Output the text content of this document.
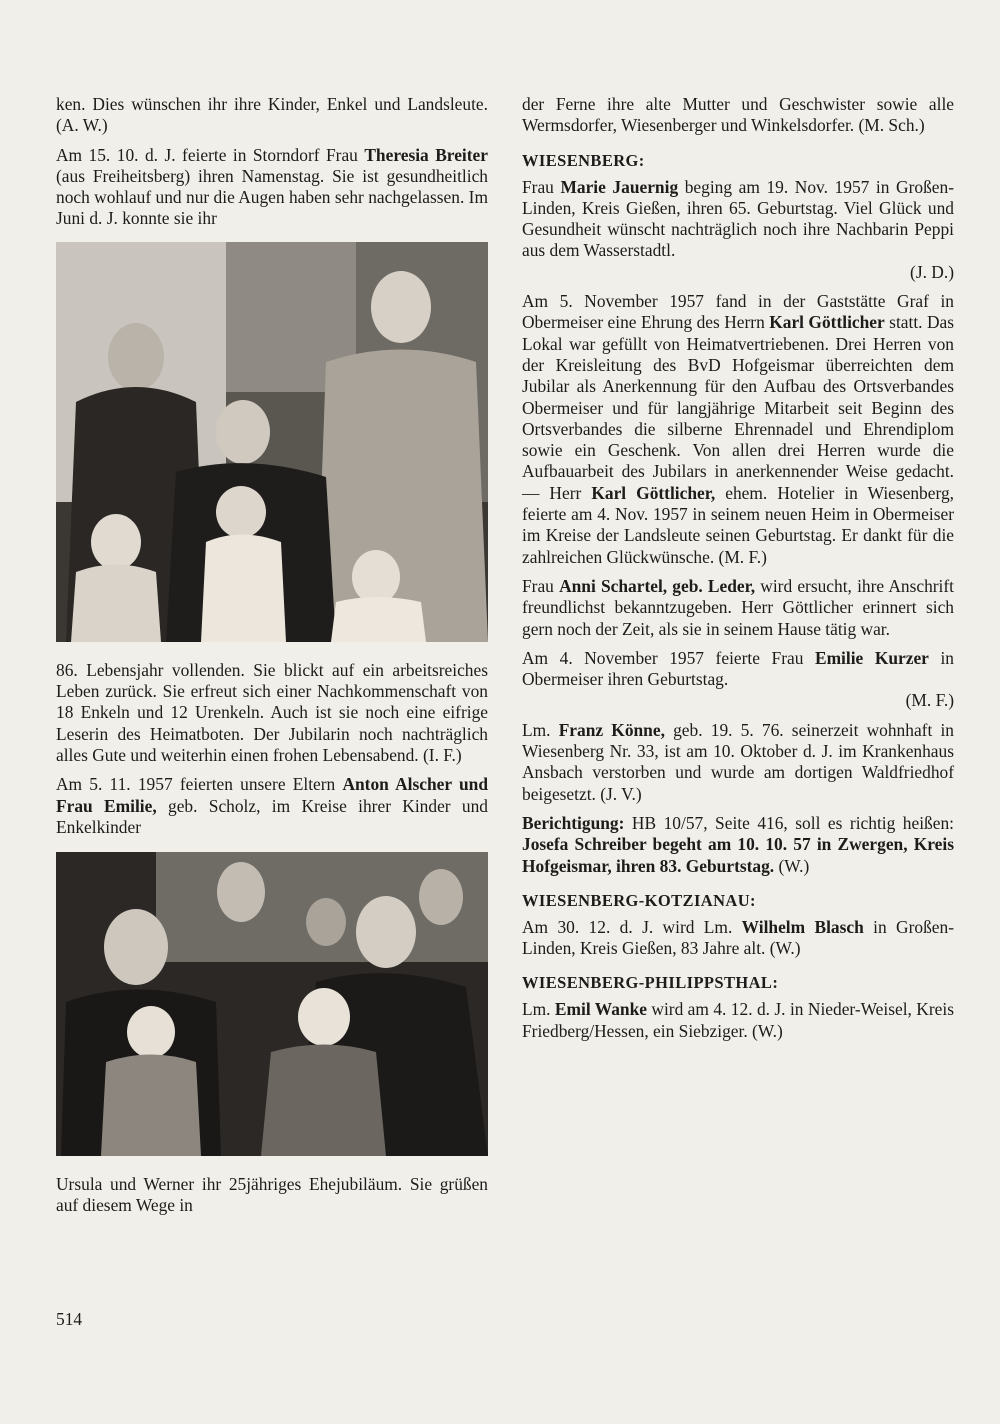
ken. Dies wünschen ihr ihre Kinder, Enkel und Landsleute. (A. W.)

Am 15. 10. d. J. feierte in Storndorf Frau Theresia Breiter (aus Freiheitsberg) ihren Namenstag. Sie ist gesundheitlich noch wohlauf und nur die Augen haben sehr nachgelassen. Im Juni d. J. konnte sie ihr

86. Lebensjahr vollenden. Sie blickt auf ein arbeitsreiches Leben zurück. Sie erfreut sich einer Nachkommenschaft von 18 Enkeln und 12 Urenkeln. Auch ist sie noch eine eifrige Leserin des Heimatboten. Der Jubilarin noch nachträglich alles Gute und weiterhin einen frohen Lebensabend. (I. F.)

Am 5. 11. 1957 feierten unsere Eltern Anton Alscher und Frau Emilie, geb. Scholz, im Kreise ihrer Kinder und Enkelkinder

Ursula und Werner ihr 25jähriges Ehejubiläum. Sie grüßen auf diesem Wege in

der Ferne ihre alte Mutter und Geschwister sowie alle Wermsdorfer, Wiesenberger und Winkelsdorfer. (M. Sch.)

WIESENBERG:

Frau Marie Jauernig beging am 19. Nov. 1957 in Großen-Linden, Kreis Gießen, ihren 65. Geburtstag. Viel Glück und Gesundheit wünscht nachträglich noch ihre Nachbarin Peppi aus dem Wasserstadtl.

(J. D.)

Am 5. November 1957 fand in der Gaststätte Graf in Obermeiser eine Ehrung des Herrn Karl Göttlicher statt. Das Lokal war gefüllt von Heimatvertriebenen. Drei Herren von der Kreisleitung des BvD Hofgeismar überreichten dem Jubilar als Anerkennung für den Aufbau des Ortsverbandes Obermeiser und für langjährige Mitarbeit seit Beginn des Ortsverbandes die silberne Ehrennadel und Ehrendiplom sowie ein Geschenk. Von allen drei Herren wurde die Aufbauarbeit des Jubilars in anerkennender Weise gedacht. — Herr Karl Göttlicher, ehem. Hotelier in Wiesenberg, feierte am 4. Nov. 1957 in seinem neuen Heim in Obermeiser im Kreise der Landsleute seinen Geburtstag. Er dankt für die zahlreichen Glückwünsche. (M. F.)

Frau Anni Schartel, geb. Leder, wird ersucht, ihre Anschrift freundlichst bekanntzugeben. Herr Göttlicher erinnert sich gern noch der Zeit, als sie in seinem Hause tätig war.

Am 4. November 1957 feierte Frau Emilie Kurzer in Obermeiser ihren Geburtstag.

(M. F.)

Lm. Franz Könne, geb. 19. 5. 76. seinerzeit wohnhaft in Wiesenberg Nr. 33, ist am 10. Oktober d. J. im Krankenhaus Ansbach verstorben und wurde am dortigen Waldfriedhof beigesetzt. (J. V.)

Berichtigung: HB 10/57, Seite 416, soll es richtig heißen: Josefa Schreiber begeht am 10. 10. 57 in Zwergen, Kreis Hofgeismar, ihren 83. Geburtstag. (W.)

WIESENBERG-KOTZIANAU:

Am 30. 12. d. J. wird Lm. Wilhelm Blasch in Großen-Linden, Kreis Gießen, 83 Jahre alt. (W.)

WIESENBERG-PHILIPPSTHAL:

Lm. Emil Wanke wird am 4. 12. d. J. in Nieder-Weisel, Kreis Friedberg/Hessen, ein Siebziger. (W.)

514
